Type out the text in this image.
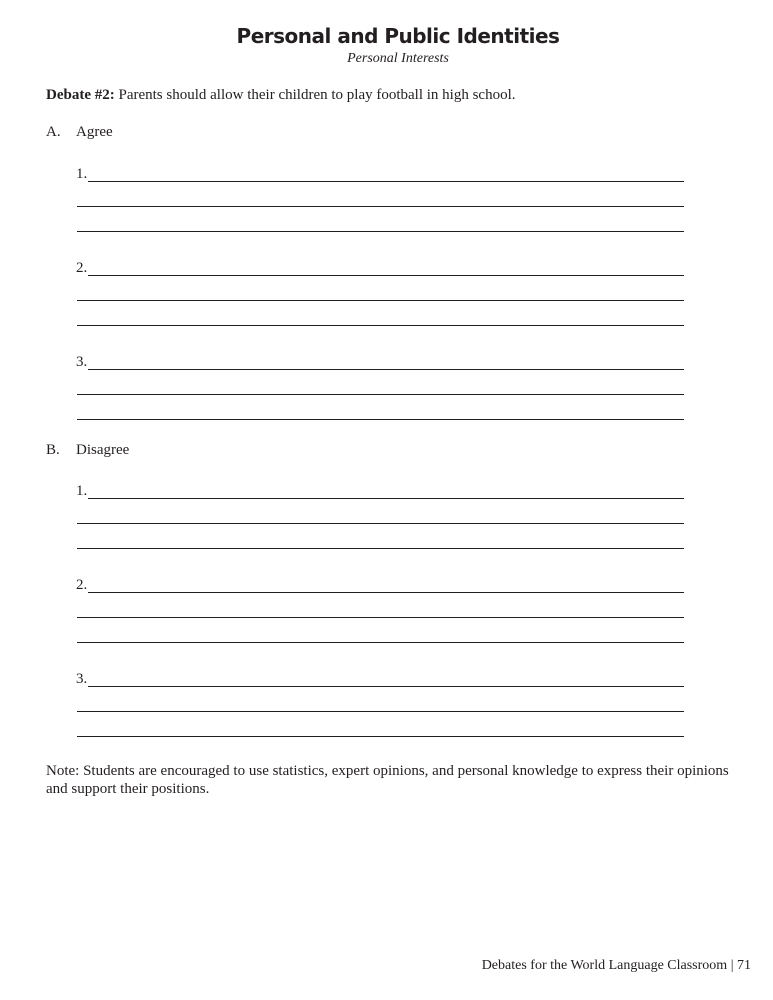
Personal and Public Identities
Personal Interests
Debate #2: Parents should allow their children to play football in high school.
A. Agree
1.
2.
3.
B. Disagree
1.
2.
3.
Note: Students are encouraged to use statistics, expert opinions, and personal knowledge to express their opinions and support their positions.
Debates for the World Language Classroom | 71
